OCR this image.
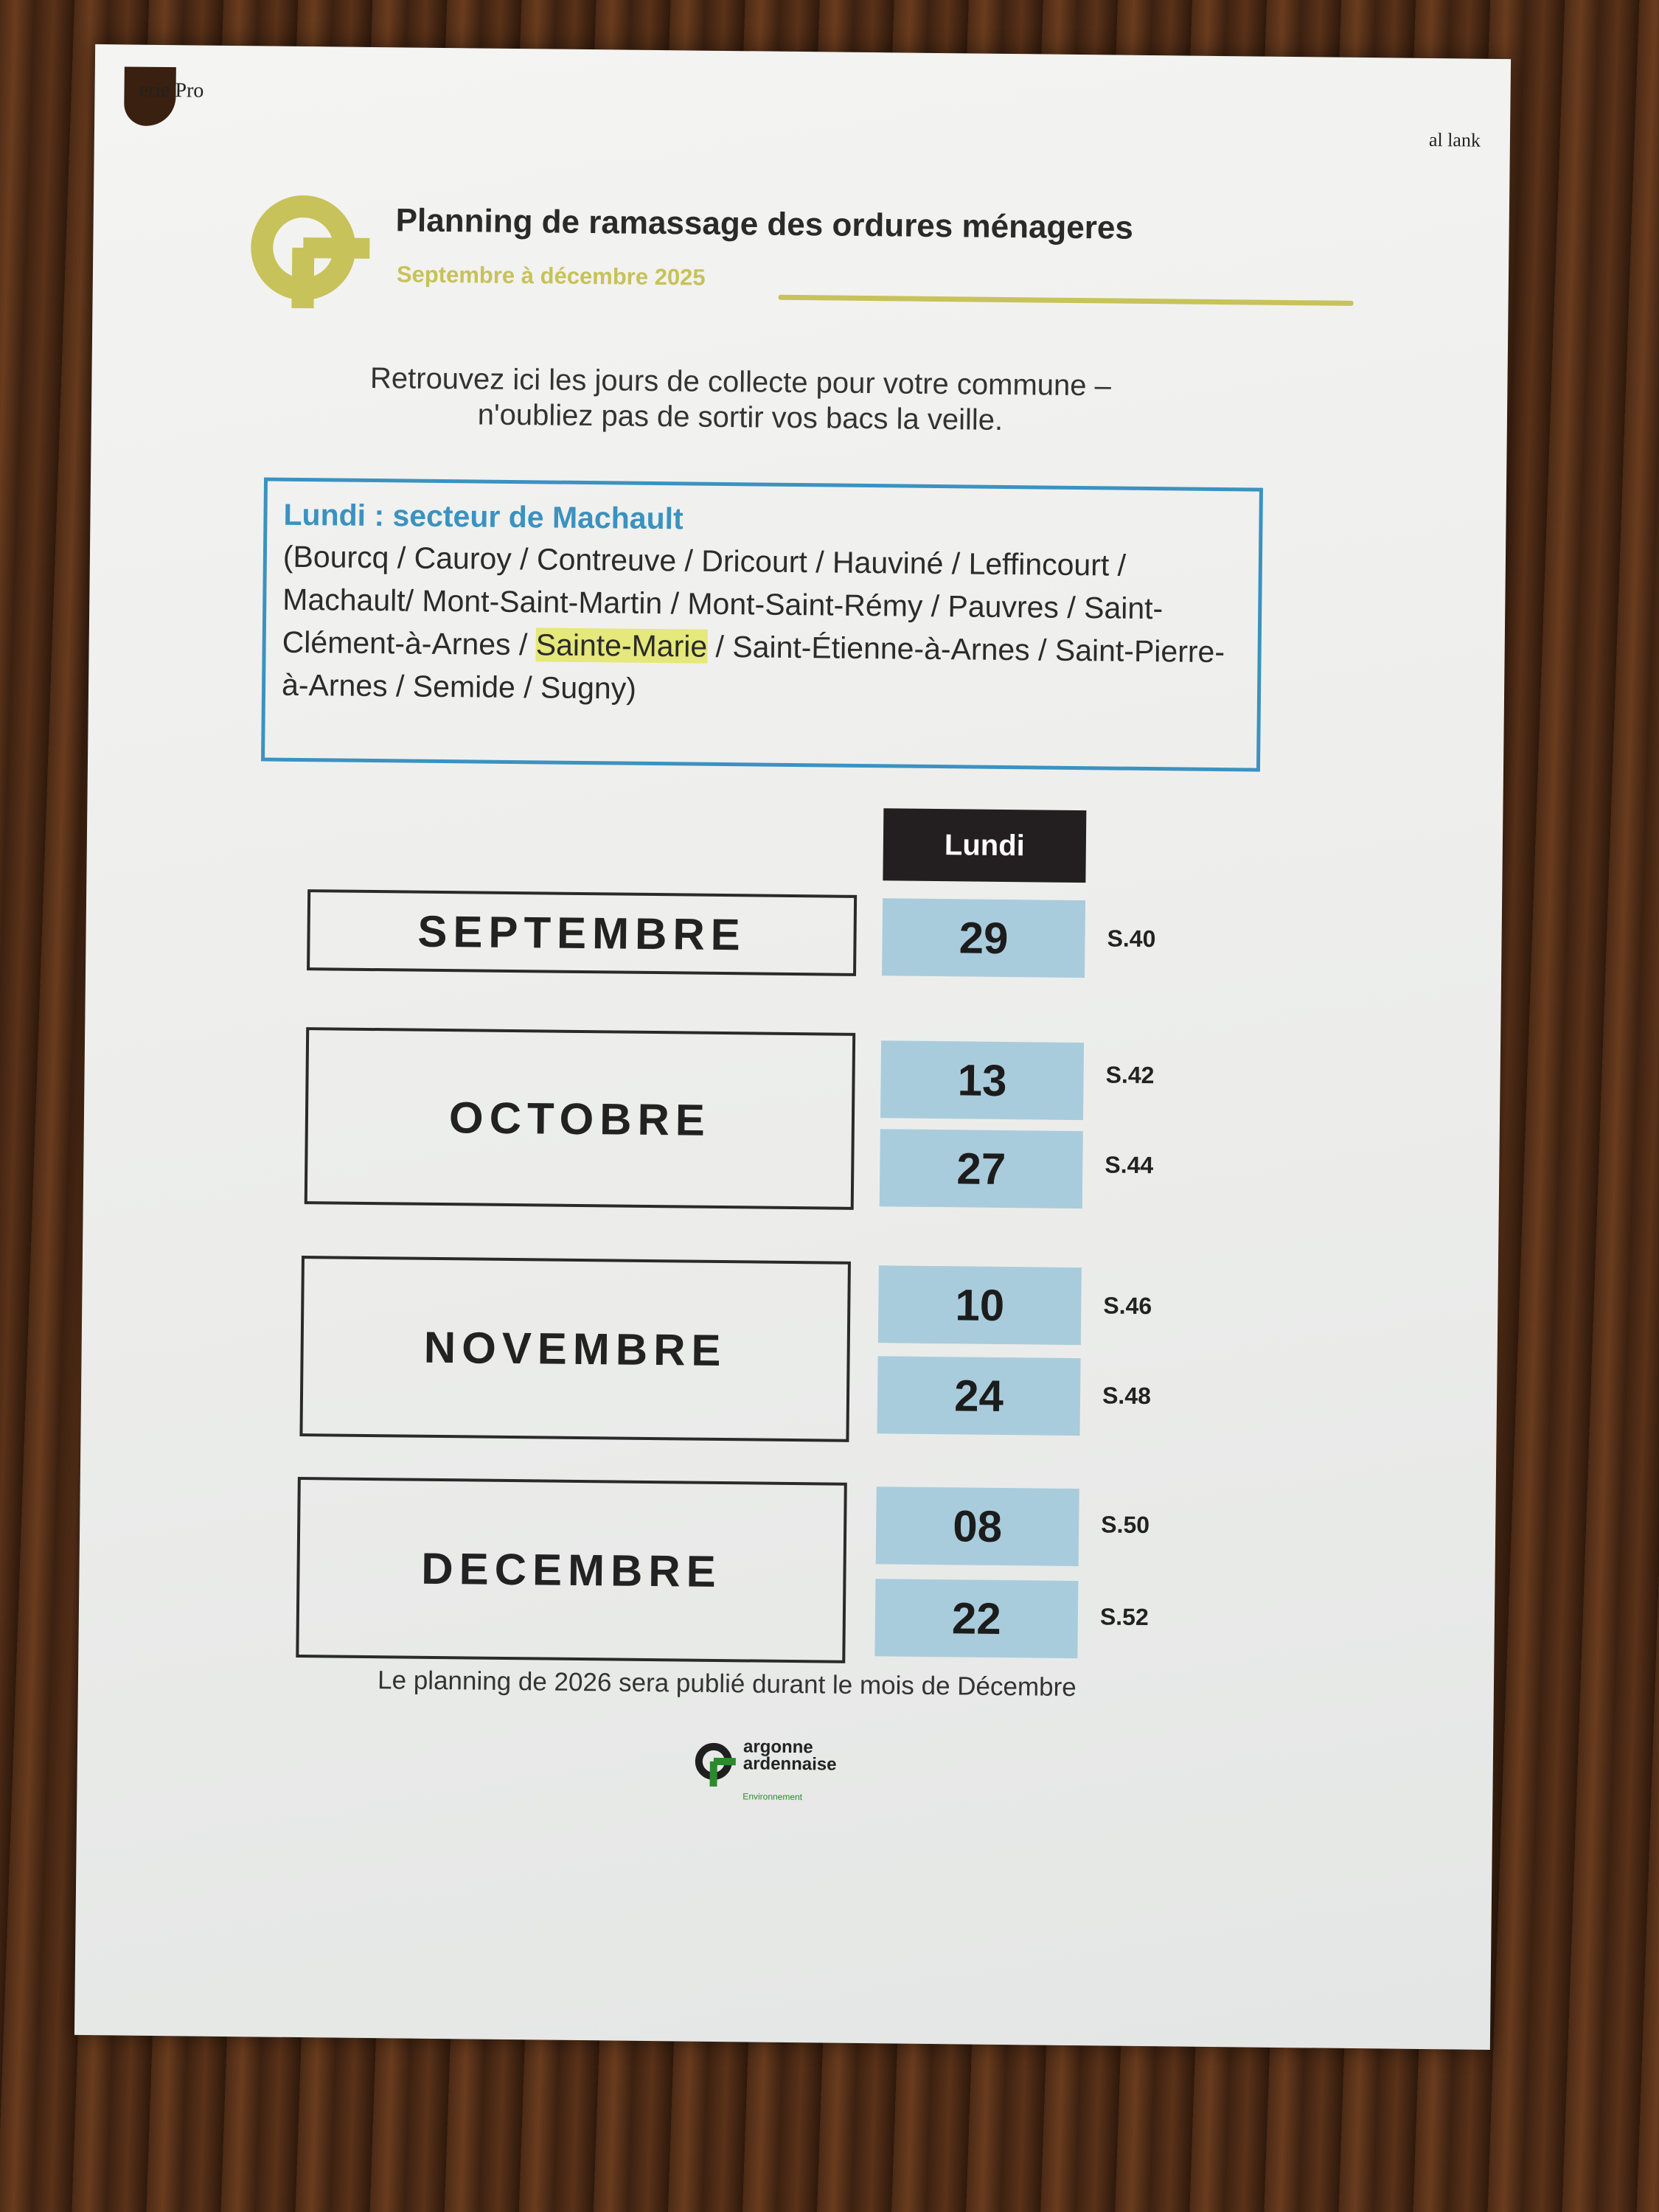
erie Pro
al lank
Planning de ramassage des ordures ménageres
Septembre à décembre 2025
Retrouvez ici les jours de collecte pour votre commune –
n'oubliez pas de sortir vos bacs la veille.
Lundi : secteur de Machault
(Bourcq / Cauroy / Contreuve / Dricourt / Hauviné / Leffincourt / Machault/ Mont-Saint-Martin / Mont-Saint-Rémy / Pauvres / Saint-Clément-à-Arnes / Sainte-Marie / Saint-Étienne-à-Arnes / Saint-Pierre-à-Arnes / Semide / Sugny)
Lundi
SEPTEMBRE	29	S.40
OCTOBRE
13	S.42
27	S.44
NOVEMBRE
10	S.46
24	S.48
DECEMBRE
08	S.50
22	S.52
Le planning de 2026 sera publié durant le mois de Décembre
argonne
ardennaise
Environnement
